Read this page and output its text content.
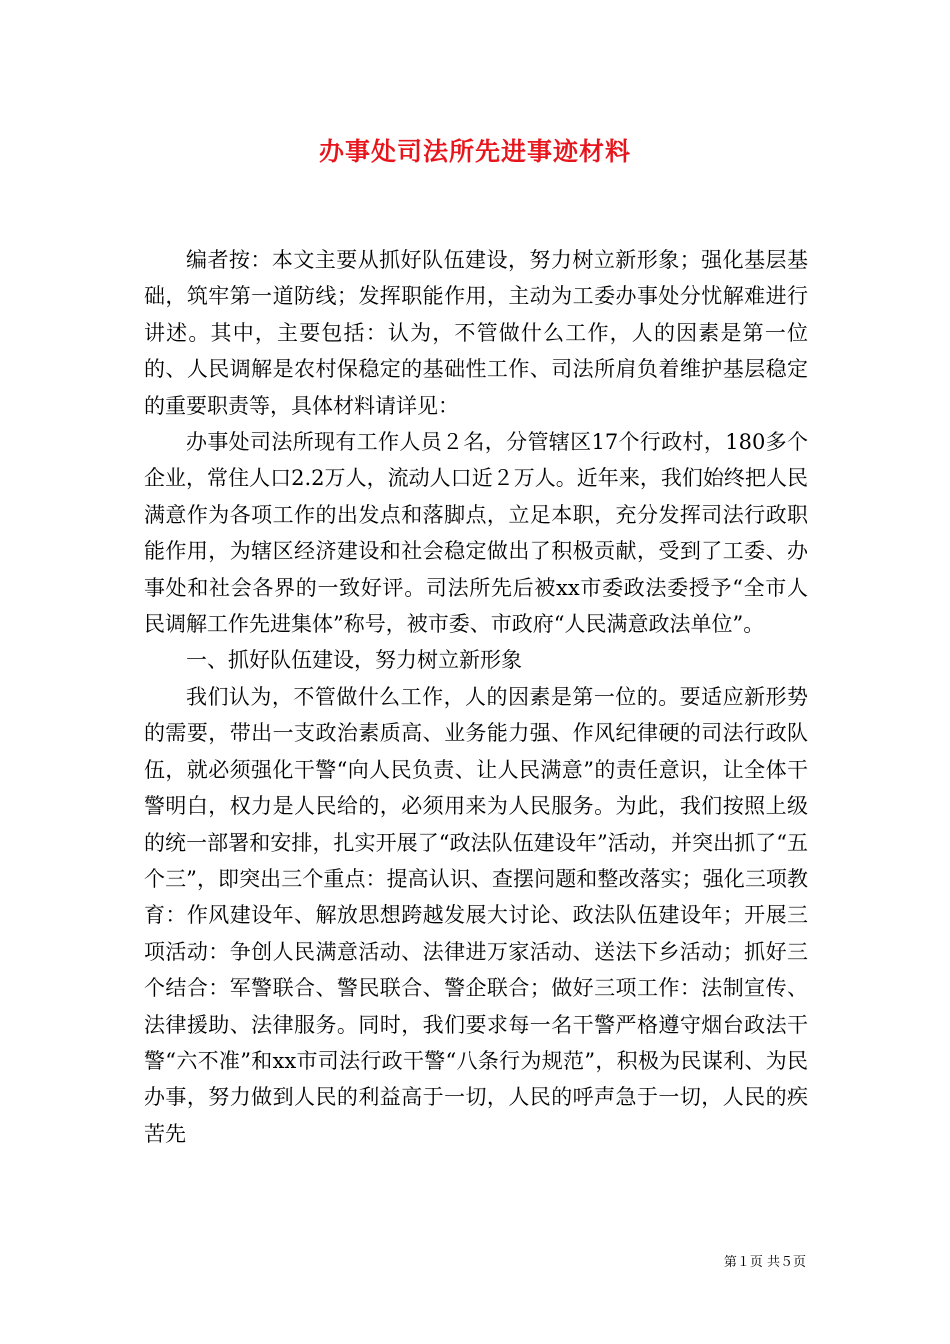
办事处司法所先进事迹材料

编者按：本文主要从抓好队伍建设，努力树立新形象；强化基层基础，筑牢第一道防线；发挥职能作用，主动为工委办事处分忧解难进行讲述。其中，主要包括：认为，不管做什么工作，人的因素是第一位的、人民调解是农村保稳定的基础性工作、司法所肩负着维护基层稳定的重要职责等，具体材料请详见：

办事处司法所现有工作人员２名，分管辖区17个行政村，180多个企业，常住人口2.2万人，流动人口近２万人。近年来，我们始终把人民满意作为各项工作的出发点和落脚点，立足本职，充分发挥司法行政职能作用，为辖区经济建设和社会稳定做出了积极贡献，受到了工委、办事处和社会各界的一致好评。司法所先后被xx市委政法委授予“全市人民调解工作先进集体”称号，被市委、市政府“人民满意政法单位”。

一、抓好队伍建设，努力树立新形象

我们认为，不管做什么工作，人的因素是第一位的。要适应新形势的需要，带出一支政治素质高、业务能力强、作风纪律硬的司法行政队伍，就必须强化干警“向人民负责、让人民满意”的责任意识，让全体干警明白，权力是人民给的，必须用来为人民服务。为此，我们按照上级的统一部署和安排，扎实开展了“政法队伍建设年”活动，并突出抓了“五个三”，即突出三个重点：提高认识、查摆问题和整改落实；强化三项教育：作风建设年、解放思想跨越发展大讨论、政法队伍建设年；开展三项活动：争创人民满意活动、法律进万家活动、送法下乡活动；抓好三个结合：军警联合、警民联合、警企联合；做好三项工作：法制宣传、法律援助、法律服务。同时，我们要求每一名干警严格遵守烟台政法干警“六不准”和xx市司法行政干警“八条行为规范”，积极为民谋利、为民办事，努力做到人民的利益高于一切，人民的呼声急于一切，人民的疾苦先

第１页 共５页
